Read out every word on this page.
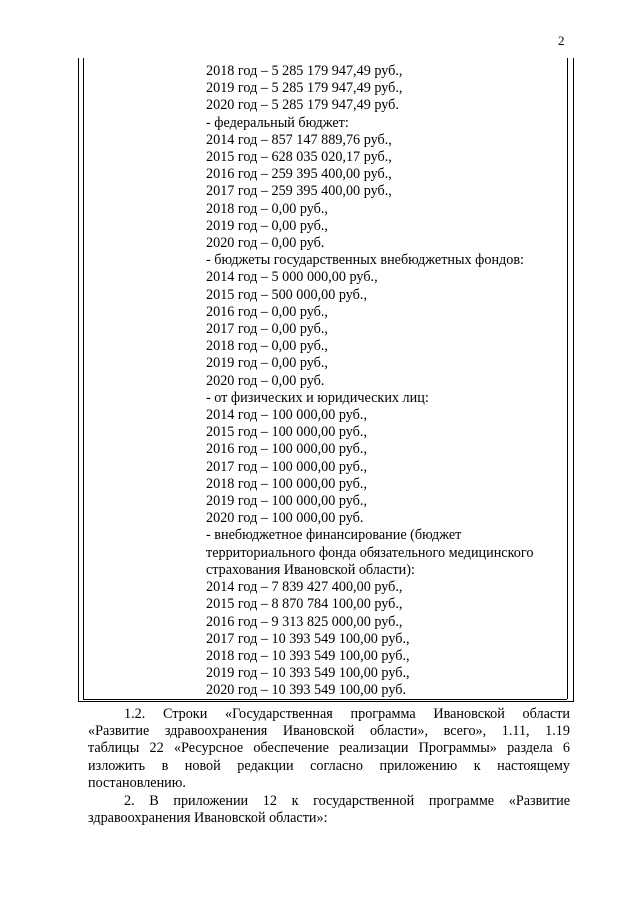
2
2018 год – 5 285 179 947,49 руб.,
2019 год – 5 285 179 947,49 руб.,
2020 год – 5 285 179 947,49 руб.
- федеральный бюджет:
2014 год – 857 147 889,76 руб.,
2015 год – 628 035 020,17 руб.,
2016 год – 259 395 400,00 руб.,
2017 год – 259 395 400,00 руб.,
2018 год – 0,00 руб.,
2019 год – 0,00 руб.,
2020 год – 0,00 руб.
- бюджеты государственных внебюджетных фондов:
2014 год – 5 000 000,00 руб.,
2015 год – 500 000,00 руб.,
2016 год – 0,00 руб.,
2017 год – 0,00 руб.,
2018 год – 0,00 руб.,
2019 год – 0,00 руб.,
2020 год – 0,00 руб.
- от физических и юридических лиц:
2014 год – 100 000,00 руб.,
2015 год – 100 000,00 руб.,
2016 год – 100 000,00 руб.,
2017 год – 100 000,00 руб.,
2018 год – 100 000,00 руб.,
2019 год – 100 000,00 руб.,
2020 год – 100 000,00 руб.
- внебюджетное финансирование (бюджет
территориального фонда обязательного медицинского
страхования Ивановской области):
2014 год – 7 839 427 400,00 руб.,
2015 год – 8 870 784 100,00 руб.,
2016 год – 9 313 825 000,00 руб.,
2017 год – 10 393 549 100,00 руб.,
2018 год – 10 393 549 100,00 руб.,
2019 год – 10 393 549 100,00 руб.,
2020 год – 10 393 549 100,00 руб.
1.2. Строки «Государственная программа Ивановской области
«Развитие здравоохранения Ивановской области», всего», 1.11, 1.19
таблицы 22 «Ресурсное обеспечение реализации Программы» раздела 6
изложить в новой редакции согласно приложению к настоящему
постановлению.
2. В приложении 12 к государственной программе «Развитие
здравоохранения Ивановской области»:
